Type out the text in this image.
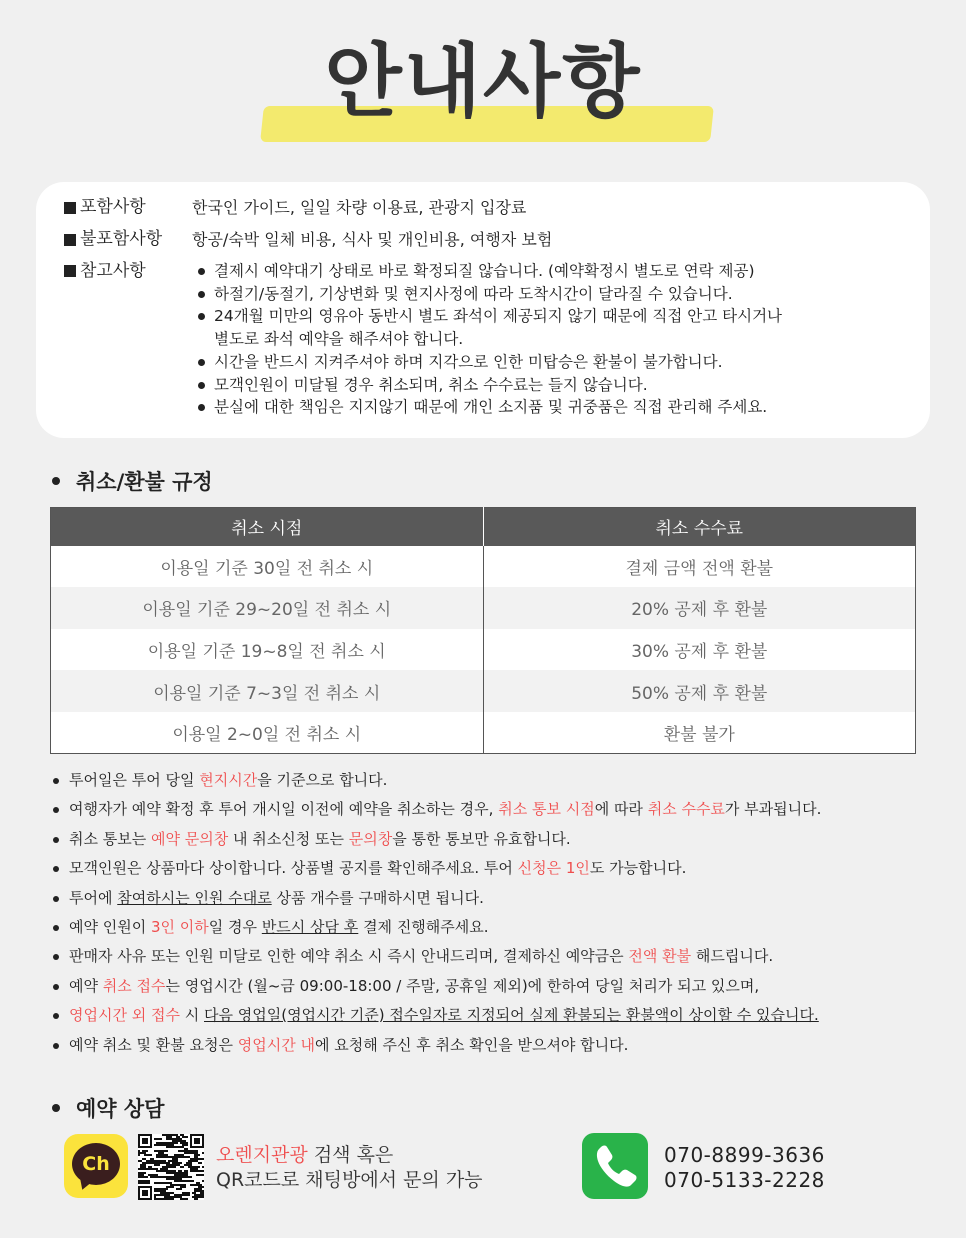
안내사항
포함사항	한국인 가이드, 일일 차량 이용료, 관광지 입장료
불포함사항 항공/숙박 일체 비용, 식사 및 개인비용, 여행자 보험
참고사항	결제시 예약대기 상태로 바로 확정되질 않습니다. (예약확정시 별도로 연락 제공)
하절기/동절기, 기상변화 및 현지사정에 따라 도착시간이 달라질 수 있습니다.
24개월 미만의 영유아 동반시 별도 좌석이 제공되지 않기 때문에 직접 안고 타시거나 별도로 좌석 예약을 해주셔야 합니다.
시간을 반드시 지켜주셔야 하며 지각으로 인한 미탑승은 환불이 불가합니다.
모객인원이 미달될 경우 취소되며, 취소 수수료는 들지 않습니다.
분실에 대한 책임은 지지않기 때문에 개인 소지품 및 귀중품은 직접 관리해 주세요.
취소/환불 규정
취소 시점	취소 수수료
이용일 기준 30일 전 취소 시	결제 금액 전액 환불
이용일 기준 29~20일 전 취소 시	20% 공제 후 환불
이용일 기준 19~8일 전 취소 시	30% 공제 후 환불
이용일 기준 7~3일 전 취소 시	50% 공제 후 환불
이용일 2~0일 전 취소 시	환불 불가
투어일은 투어 당일 현지시간을 기준으로 합니다.
여행자가 예약 확정 후 투어 개시일 이전에 예약을 취소하는 경우, 취소 통보 시점에 따라 취소 수수료가 부과됩니다.
취소 통보는 예약 문의창 내 취소신청 또는 문의창을 통한 통보만 유효합니다.
모객인원은 상품마다 상이합니다. 상품별 공지를 확인해주세요. 투어 신청은 1인도 가능합니다.
투어에 참여하시는 인원 수대로 상품 개수를 구매하시면 됩니다.
예약 인원이 3인 이하일 경우 반드시 상담 후 결제 진행해주세요.
판매자 사유 또는 인원 미달로 인한 예약 취소 시 즉시 안내드리며, 결제하신 예약금은 전액 환불 해드립니다.
예약 취소 접수는 영업시간 (월~금 09:00-18:00 / 주말, 공휴일 제외)에 한하여 당일 처리가 되고 있으며,
영업시간 외 접수 시 다음 영업일(영업시간 기준) 접수일자로 지정되어 실제 환불되는 환불액이 상이할 수 있습니다.
예약 취소 및 환불 요청은 영업시간 내에 요청해 주신 후 취소 확인을 받으셔야 합니다.
예약 상담
Ch	오렌지관광 검색 혹은
QR코드로 채팅방에서 문의 가능
070-8899-3636
070-5133-2228
